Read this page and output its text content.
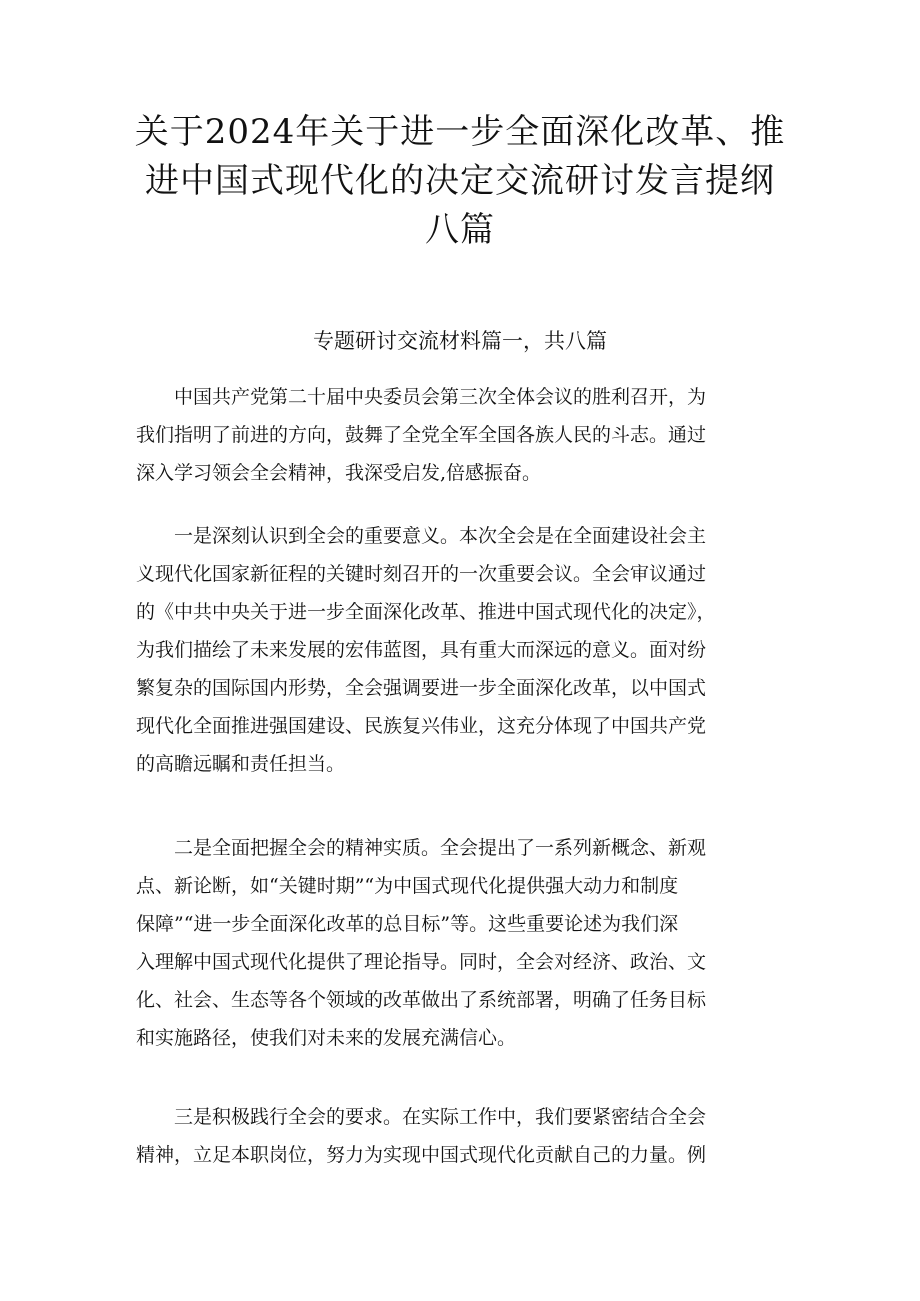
关于2024年关于进一步全面深化改革、推
进中国式现代化的决定交流研讨发言提纲
八篇
专题研讨交流材料篇一，共八篇
　　中国共产党第二十届中央委员会第三次全体会议的胜利召开，为
我们指明了前进的方向，鼓舞了全党全军全国各族人民的斗志。通过
深入学习领会全会精神，我深受启发,倍感振奋。
　　一是深刻认识到全会的重要意义。本次全会是在全面建设社会主
义现代化国家新征程的关键时刻召开的一次重要会议。全会审议通过
的《中共中央关于进一步全面深化改革、推进中国式现代化的决定》，
为我们描绘了未来发展的宏伟蓝图，具有重大而深远的意义。面对纷
繁复杂的国际国内形势，全会强调要进一步全面深化改革，以中国式
现代化全面推进强国建设、民族复兴伟业，这充分体现了中国共产党
的高瞻远瞩和责任担当。
　　二是全面把握全会的精神实质。全会提出了一系列新概念、新观
点、新论断，如“关键时期”“为中国式现代化提供强大动力和制度
保障”“进一步全面深化改革的总目标”等。这些重要论述为我们深
入理解中国式现代化提供了理论指导。同时，全会对经济、政治、文
化、社会、生态等各个领域的改革做出了系统部署，明确了任务目标
和实施路径，使我们对未来的发展充满信心。
　　三是积极践行全会的要求。在实际工作中，我们要紧密结合全会
精神，立足本职岗位，努力为实现中国式现代化贡献自己的力量。例
